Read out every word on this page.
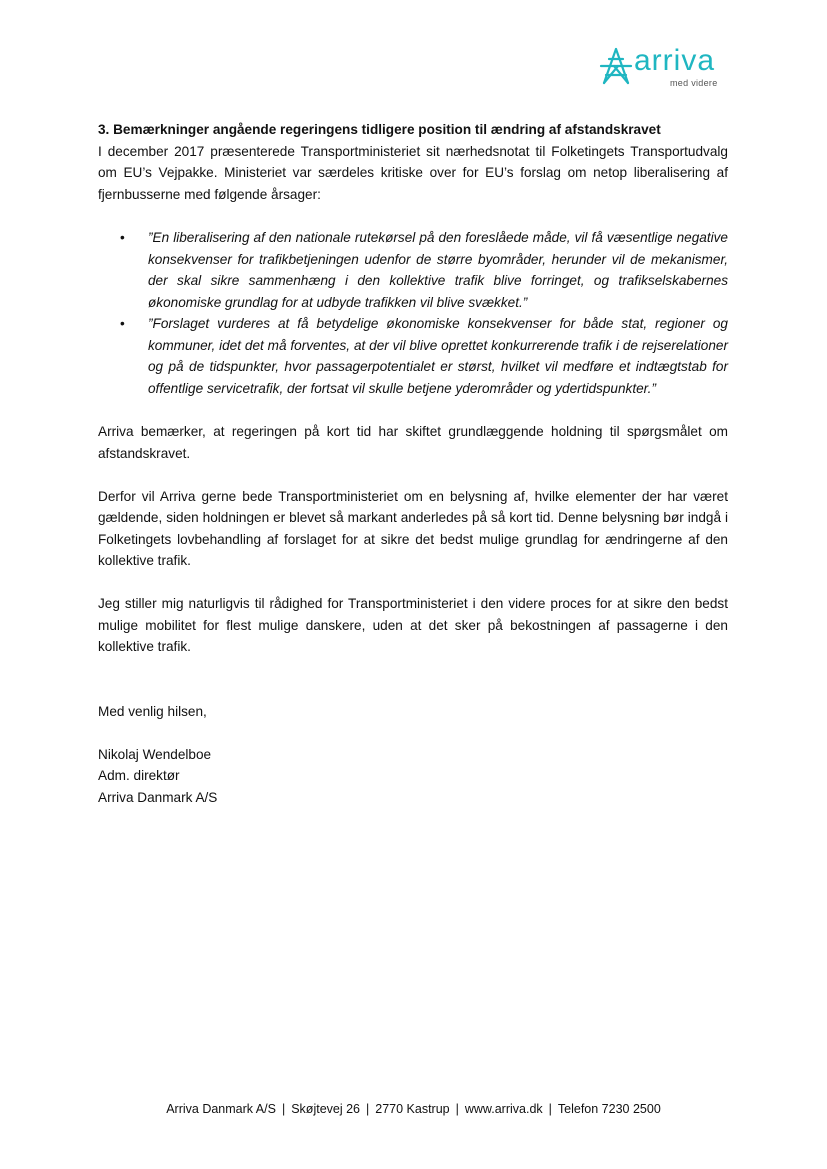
arriva
med videre

3. Bemærkninger angående regeringens tidligere position til ændring af afstandskravet

I december 2017 præsenterede Transportministeriet sit nærhedsnotat til Folketingets Transportudvalg om EU’s Vejpakke. Ministeriet var særdeles kritiske over for EU’s forslag om netop liberalisering af fjernbusserne med følgende årsager:

• ”En liberalisering af den nationale rutekørsel på den foreslåede måde, vil få væsentlige negative konsekvenser for trafikbetjeningen udenfor de større byområder, herunder vil de mekanismer, der skal sikre sammenhæng i den kollektive trafik blive forringet, og trafikselskabernes økonomiske grundlag for at udbyde trafikken vil blive svækket.”
• ”Forslaget vurderes at få betydelige økonomiske konsekvenser for både stat, regioner og kommuner, idet det må forventes, at der vil blive oprettet konkurrerende trafik i de rejserelationer og på de tidspunkter, hvor passagerpotentialet er størst, hvilket vil medføre et indtægtstab for offentlige servicetrafik, der fortsat vil skulle betjene yderområder og ydertidspunkter.”

Arriva bemærker, at regeringen på kort tid har skiftet grundlæggende holdning til spørgsmålet om afstandskravet.

Derfor vil Arriva gerne bede Transportministeriet om en belysning af, hvilke elementer der har været gældende, siden holdningen er blevet så markant anderledes på så kort tid. Denne belysning bør indgå i Folketingets lovbehandling af forslaget for at sikre det bedst mulige grundlag for ændringerne af den kollektive trafik.

Jeg stiller mig naturligvis til rådighed for Transportministeriet i den videre proces for at sikre den bedst mulige mobilitet for flest mulige danskere, uden at det sker på bekostningen af passagerne i den kollektive trafik.

Med venlig hilsen,

Nikolaj Wendelboe

Adm. direktør

Arriva Danmark A/S

Arriva Danmark A/S | Skøjtevej 26 | 2770 Kastrup | www.arriva.dk | Telefon 7230 2500
